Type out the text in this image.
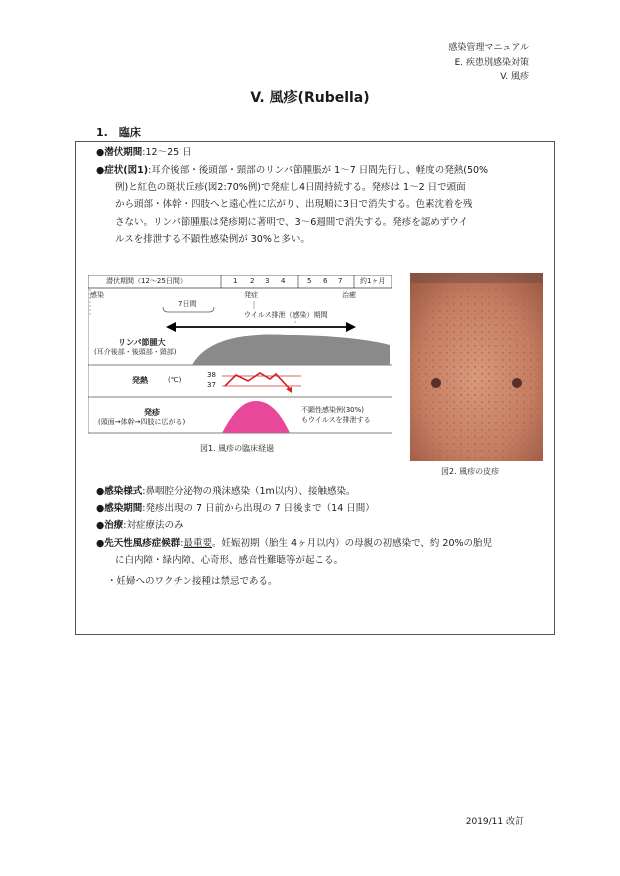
感染管理マニュアル
E. 疾患別感染対策
V. 風疹
V. 風疹(Rubella)
1.　臨床
●潜伏期間:12～25 日
●症状(図1):耳介後部・後頭部・頸部のリンパ節腫脹が 1～7 日間先行し、軽度の発熱(50%
例)と紅色の斑状丘疹(図2:70%例)で発症し4日間持続する。発疹は 1～2 日で頭面
から頭部・体幹・四肢へと遠心性に広がり、出現順に3日で消失する。色素沈着を残
さない。リンパ節腫脹は発疹期に著明で、3～6週間で消失する。発疹を認めずウイ
ルスを排泄する不顕性感染例が 30%と多い。
潜伏期間（12～25日間）	1 2 3 4	5 6 7	約1ヶ月
感染	発症	治癒
7日間
ウイルス排泄（感染）期間
リンパ節腫大
(耳介後部・後頭部・頸部)
発熱	(℃)
38
37
発疹
(頭面→体幹→四肢に広がる)
不顕性感染例(30%)
もウイルスを排泄する
図1. 風疹の臨床経過
図2. 風疹の皮疹
●感染様式:鼻咽腔分泌物の飛沫感染（1m以内）、接触感染。
●感染期間:発疹出現の 7 日前から出現の 7 日後まで（14 日間）
●治療:対症療法のみ
●先天性風疹症候群:最重要。妊娠初期（胎生 4ヶ月以内）の母親の初感染で、約 20%の胎児
に白内障・緑内障、心奇形、感音性難聴等が起こる。
・妊婦へのワクチン接種は禁忌である。
2019/11 改訂
